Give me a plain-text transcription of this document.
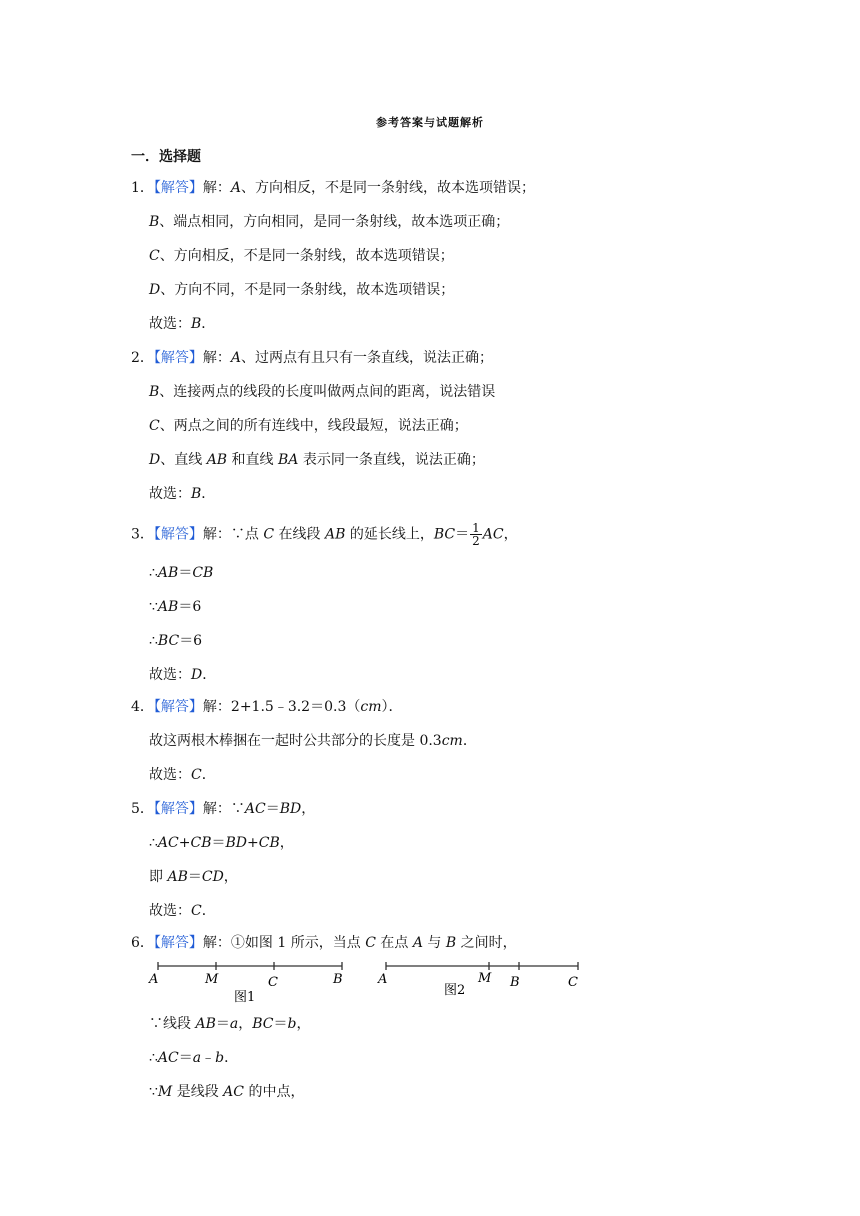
参考答案与试题解析
一．选择题
1．【解答】解：A、方向相反，不是同一条射线，故本选项错误；
B、端点相同，方向相同，是同一条射线，故本选项正确；
C、方向相反，不是同一条射线，故本选项错误；
D、方向不同，不是同一条射线，故本选项错误；
故选：B．
2．【解答】解：A、过两点有且只有一条直线，说法正确；
B、连接两点的线段的长度叫做两点间的距离，说法错误
C、两点之间的所有连线中，线段最短，说法正确；
D、直线 AB 和直线 BA 表示同一条直线，说法正确；
故选：B．
3．【解答】解：∵点 C 在线段 AB 的延长线上，$BC= \frac{1}{2}$ AC，
∴AB＝CB
∵AB＝6
∴BC＝6
故选：D．
4．【解答】解：2+1.5﹣3.2＝0.3（cm）．
故这两根木棒捆在一起时公共部分的长度是 0.3cm．
故选：C．
5．【解答】解：∵AC＝BD，
∴AC+CB＝BD+CB，
即 AB＝CD，
故选：C．
6．【解答】解：①如图 1 所示，当点 C 在点 A 与 B 之间时，
A	M	C	B
图1
A	M B	C
图2
∵线段 AB＝a，BC＝b，
∴AC＝a﹣b．
∵M 是线段 AC 的中点，
